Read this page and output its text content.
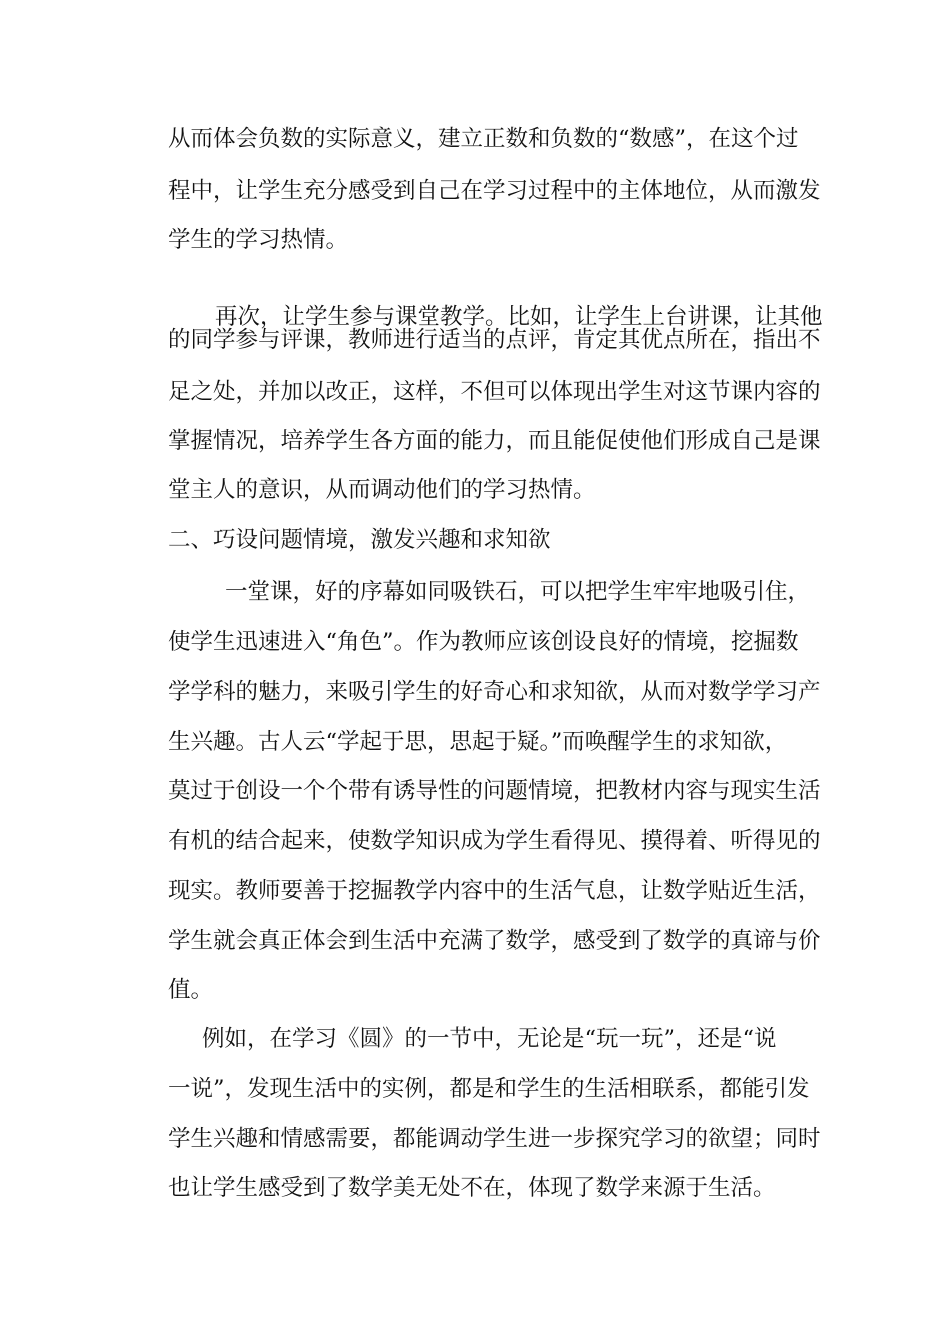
从而体会负数的实际意义，建立正数和负数的“数感”，在这个过
程中，让学生充分感受到自己在学习过程中的主体地位，从而激发
学生的学习热情。
再次，让学生参与课堂教学。比如，让学生上台讲课，让其他
的同学参与评课，教师进行适当的点评，肯定其优点所在，指出不
足之处，并加以改正，这样，不但可以体现出学生对这节课内容的
掌握情况，培养学生各方面的能力，而且能促使他们形成自己是课
堂主人的意识，从而调动他们的学习热情。
二、巧设问题情境，激发兴趣和求知欲
一堂课，好的序幕如同吸铁石，可以把学生牢牢地吸引住，
使学生迅速进入“角色”。作为教师应该创设良好的情境，挖掘数
学学科的魅力，来吸引学生的好奇心和求知欲，从而对数学学习产
生兴趣。古人云“学起于思，思起于疑。”而唤醒学生的求知欲，
莫过于创设一个个带有诱导性的问题情境，把教材内容与现实生活
有机的结合起来，使数学知识成为学生看得见、摸得着、听得见的
现实。教师要善于挖掘教学内容中的生活气息，让数学贴近生活，
学生就会真正体会到生活中充满了数学，感受到了数学的真谛与价
值。
例如，在学习《圆》的一节中，无论是“玩一玩”，还是“说
一说”，发现生活中的实例，都是和学生的生活相联系，都能引发
学生兴趣和情感需要，都能调动学生进一步探究学习的欲望；同时
也让学生感受到了数学美无处不在，体现了数学来源于生活。
